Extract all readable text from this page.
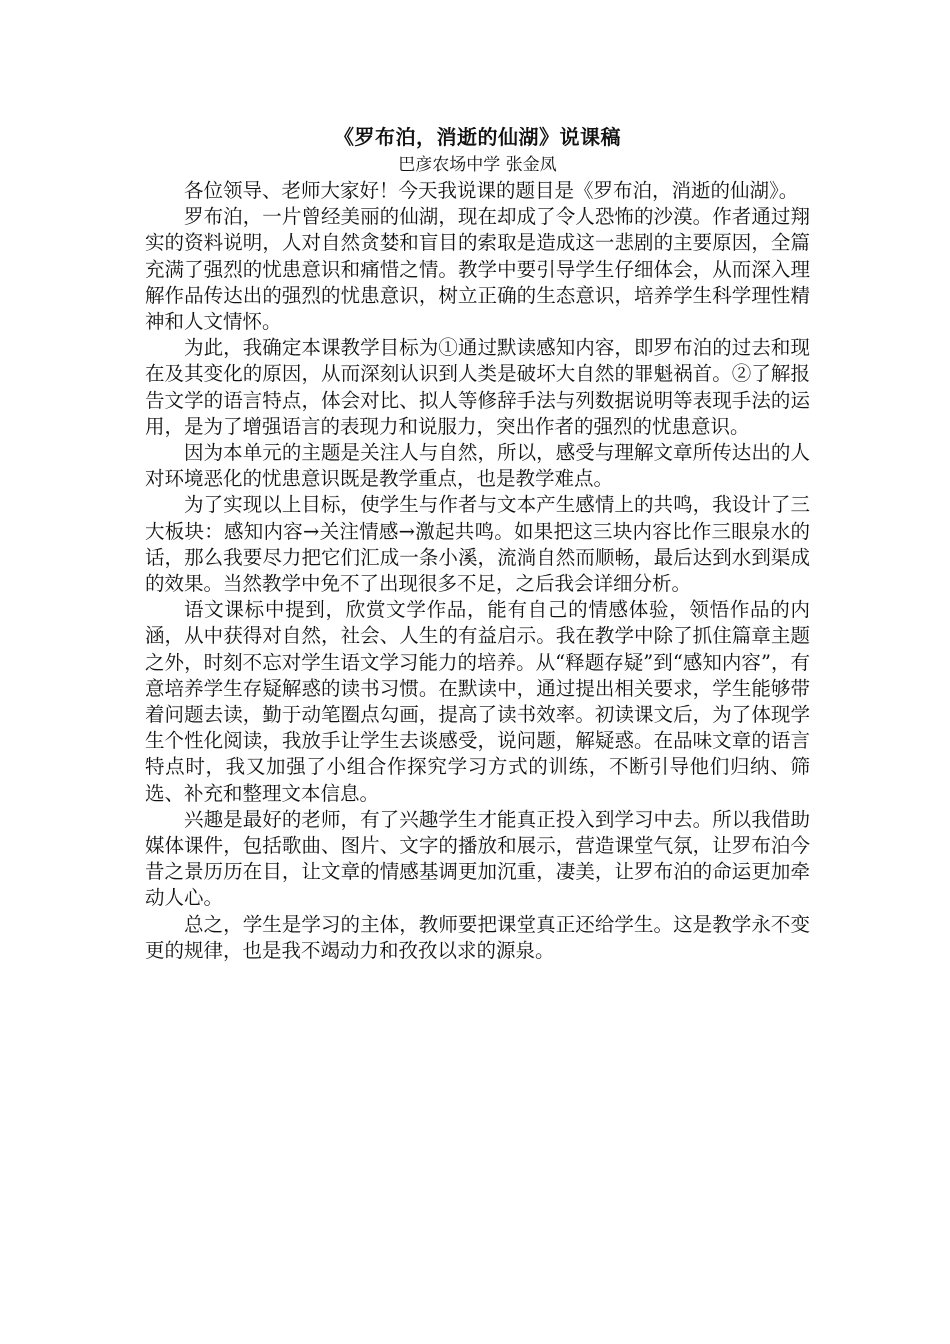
《罗布泊，消逝的仙湖》说课稿

巴彦农场中学 张金凤

各位领导、老师大家好！今天我说课的题目是《罗布泊，消逝的仙湖》。

罗布泊，一片曾经美丽的仙湖，现在却成了令人恐怖的沙漠。作者通过翔实的资料说明，人对自然贪婪和盲目的索取是造成这一悲剧的主要原因，全篇充满了强烈的忧患意识和痛惜之情。教学中要引导学生仔细体会，从而深入理解作品传达出的强烈的忧患意识，树立正确的生态意识，培养学生科学理性精神和人文情怀。

为此，我确定本课教学目标为①通过默读感知内容，即罗布泊的过去和现在及其变化的原因，从而深刻认识到人类是破坏大自然的罪魁祸首。②了解报告文学的语言特点，体会对比、拟人等修辞手法与列数据说明等表现手法的运用，是为了增强语言的表现力和说服力，突出作者的强烈的忧患意识。

因为本单元的主题是关注人与自然，所以，感受与理解文章所传达出的人对环境恶化的忧患意识既是教学重点，也是教学难点。

为了实现以上目标，使学生与作者与文本产生感情上的共鸣，我设计了三大板块：感知内容→关注情感→激起共鸣。如果把这三块内容比作三眼泉水的话，那么我要尽力把它们汇成一条小溪，流淌自然而顺畅，最后达到水到渠成的效果。当然教学中免不了出现很多不足，之后我会详细分析。

语文课标中提到，欣赏文学作品，能有自己的情感体验，领悟作品的内涵，从中获得对自然，社会、人生的有益启示。我在教学中除了抓住篇章主题之外，时刻不忘对学生语文学习能力的培养。从“释题存疑”到“感知内容”，有意培养学生存疑解惑的读书习惯。在默读中，通过提出相关要求，学生能够带着问题去读，勤于动笔圈点勾画，提高了读书效率。初读课文后，为了体现学生个性化阅读，我放手让学生去谈感受，说问题，解疑惑。在品味文章的语言特点时，我又加强了小组合作探究学习方式的训练，不断引导他们归纳、筛选、补充和整理文本信息。

兴趣是最好的老师，有了兴趣学生才能真正投入到学习中去。所以我借助媒体课件，包括歌曲、图片、文字的播放和展示，营造课堂气氛，让罗布泊今昔之景历历在目，让文章的情感基调更加沉重，凄美，让罗布泊的命运更加牵动人心。

总之，学生是学习的主体，教师要把课堂真正还给学生。这是教学永不变更的规律，也是我不竭动力和孜孜以求的源泉。
